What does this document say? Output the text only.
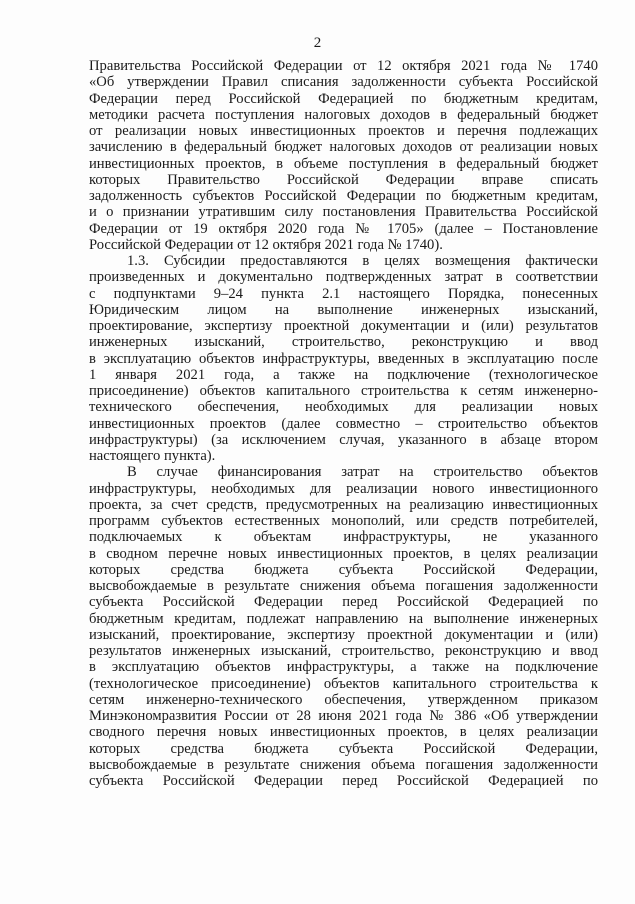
2
Правительства Российской Федерации от 12 октября 2021 года № 1740
«Об утверждении Правил списания задолженности субъекта Российской
Федерации перед Российской Федерацией по бюджетным кредитам,
методики расчета поступления налоговых доходов в федеральный бюджет
от реализации новых инвестиционных проектов и перечня подлежащих
зачислению в федеральный бюджет налоговых доходов от реализации новых
инвестиционных проектов, в объеме поступления в федеральный бюджет
которых Правительство Российской Федерации вправе списать
задолженность субъектов Российской Федерации по бюджетным кредитам,
и о признании утратившим силу постановления Правительства Российской
Федерации от 19 октября 2020 года № 1705» (далее – Постановление
Российской Федерации от 12 октября 2021 года № 1740).
1.3. Субсидии предоставляются в целях возмещения фактически
произведенных и документально подтвержденных затрат в соответствии
с подпунктами 9–24 пункта 2.1 настоящего Порядка, понесенных
Юридическим лицом на выполнение инженерных изысканий,
проектирование, экспертизу проектной документации и (или) результатов
инженерных изысканий, строительство, реконструкцию и ввод
в эксплуатацию объектов инфраструктуры, введенных в эксплуатацию после
1 января 2021 года, а также на подключение (технологическое
присоединение) объектов капитального строительства к сетям инженерно-
технического обеспечения, необходимых для реализации новых
инвестиционных проектов (далее совместно – строительство объектов
инфраструктуры) (за исключением случая, указанного в абзаце втором
настоящего пункта).
В случае финансирования затрат на строительство объектов
инфраструктуры, необходимых для реализации нового инвестиционного
проекта, за счет средств, предусмотренных на реализацию инвестиционных
программ субъектов естественных монополий, или средств потребителей,
подключаемых к объектам инфраструктуры, не указанного
в сводном перечне новых инвестиционных проектов, в целях реализации
которых средства бюджета субъекта Российской Федерации,
высвобождаемые в результате снижения объема погашения задолженности
субъекта Российской Федерации перед Российской Федерацией по
бюджетным кредитам, подлежат направлению на выполнение инженерных
изысканий, проектирование, экспертизу проектной документации и (или)
результатов инженерных изысканий, строительство, реконструкцию и ввод
в эксплуатацию объектов инфраструктуры, а также на подключение
(технологическое присоединение) объектов капитального строительства к
сетям инженерно-технического обеспечения, утвержденном приказом
Минэкономразвития России от 28 июня 2021 года № 386 «Об утверждении
сводного перечня новых инвестиционных проектов, в целях реализации
которых средства бюджета субъекта Российской Федерации,
высвобождаемые в результате снижения объема погашения задолженности
субъекта Российской Федерации перед Российской Федерацией по
